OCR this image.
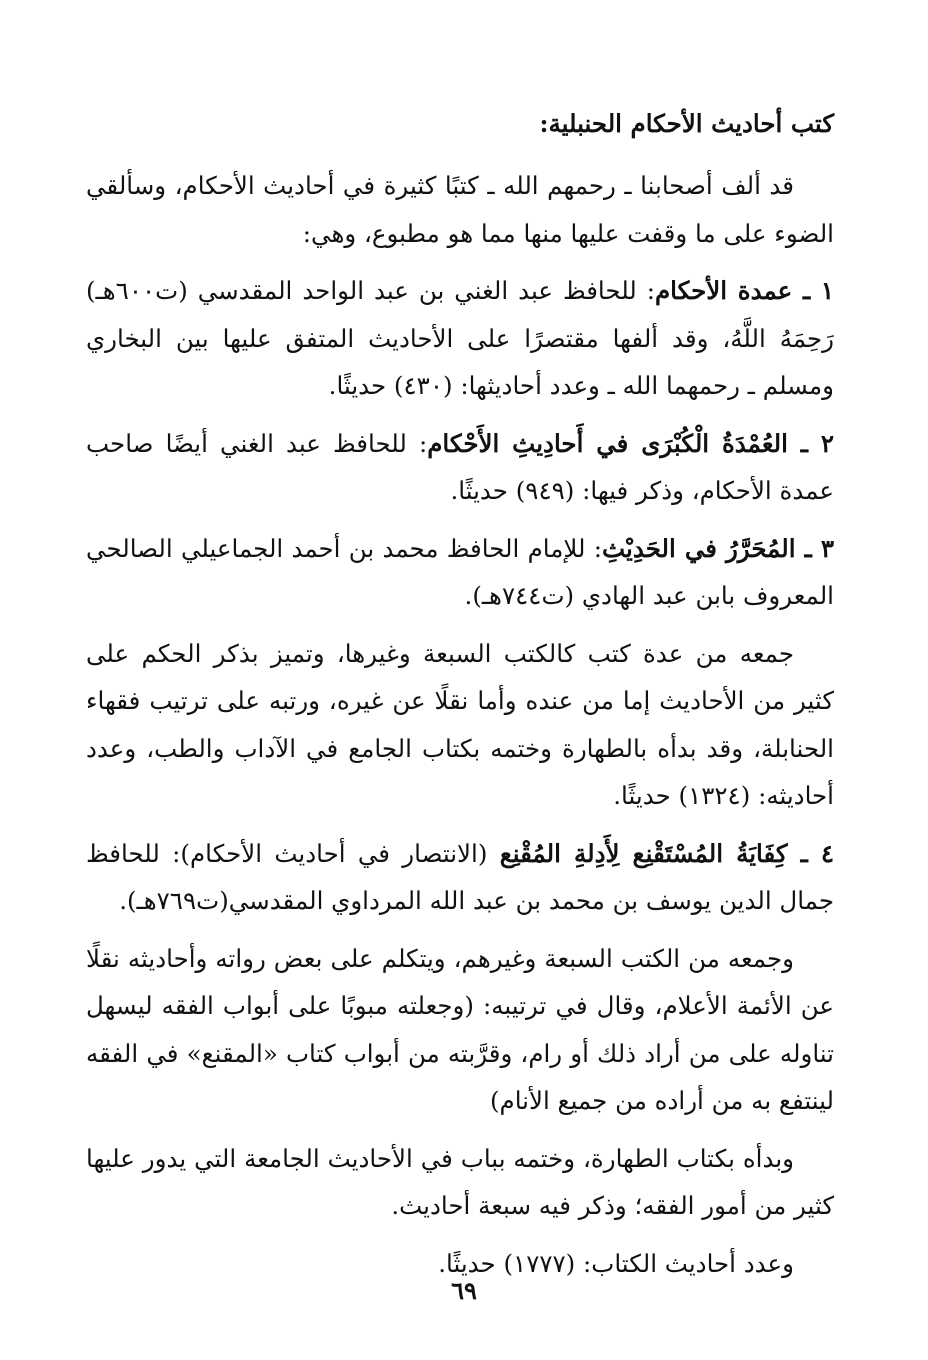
كتب أحاديث الأحكام الحنبلية:

قد ألف أصحابنا ـ رحمهم الله ـ كتبًا كثيرة في أحاديث الأحكام، وسألقي الضوء على ما وقفت عليها منها مما هو مطبوع، وهي:

١ ـ عمدة الأحكام: للحافظ عبد الغني بن عبد الواحد المقدسي (ت٦٠٠هـ) رَحِمَهُ اللَّهُ، وقد ألفها مقتصرًا على الأحاديث المتفق عليها بين البخاري ومسلم ـ رحمهما الله ـ وعدد أحاديثها: (٤٣٠) حديثًا.

٢ ـ العُمْدَةُ الْكُبْرَى في أَحادِيثِ الأَحْكام: للحافظ عبد الغني أيضًا صاحب عمدة الأحكام، وذكر فيها: (٩٤٩) حديثًا.

٣ ـ المُحَرَّرُ في الحَدِيْثِ: للإمام الحافظ محمد بن أحمد الجماعيلي الصالحي المعروف بابن عبد الهادي (ت٧٤٤هـ).

جمعه من عدة كتب كالكتب السبعة وغيرها، وتميز بذكر الحكم على كثير من الأحاديث إما من عنده وأما نقلًا عن غيره، ورتبه على ترتيب فقهاء الحنابلة، وقد بدأه بالطهارة وختمه بكتاب الجامع في الآداب والطب، وعدد أحاديثه: (١٣٢٤) حديثًا.

٤ ـ كِفَايَةُ المُسْتَقْنِع لِأَدِلةِ المُقْنِع (الانتصار في أحاديث الأحكام): للحافظ جمال الدين يوسف بن محمد بن عبد الله المرداوي المقدسي(ت٧٦٩هـ).

وجمعه من الكتب السبعة وغيرهم، ويتكلم على بعض رواته وأحاديثه نقلًا عن الأئمة الأعلام، وقال في ترتيبه: (وجعلته مبوبًا على أبواب الفقه ليسهل تناوله على من أراد ذلك أو رام، وقرَّبته من أبواب كتاب «المقنع» في الفقه لينتفع به من أراده من جميع الأنام)

وبدأه بكتاب الطهارة، وختمه بباب في الأحاديث الجامعة التي يدور عليها كثير من أمور الفقه؛ وذكر فيه سبعة أحاديث.

وعدد أحاديث الكتاب: (١٧٧٧) حديثًا.

٦٩
